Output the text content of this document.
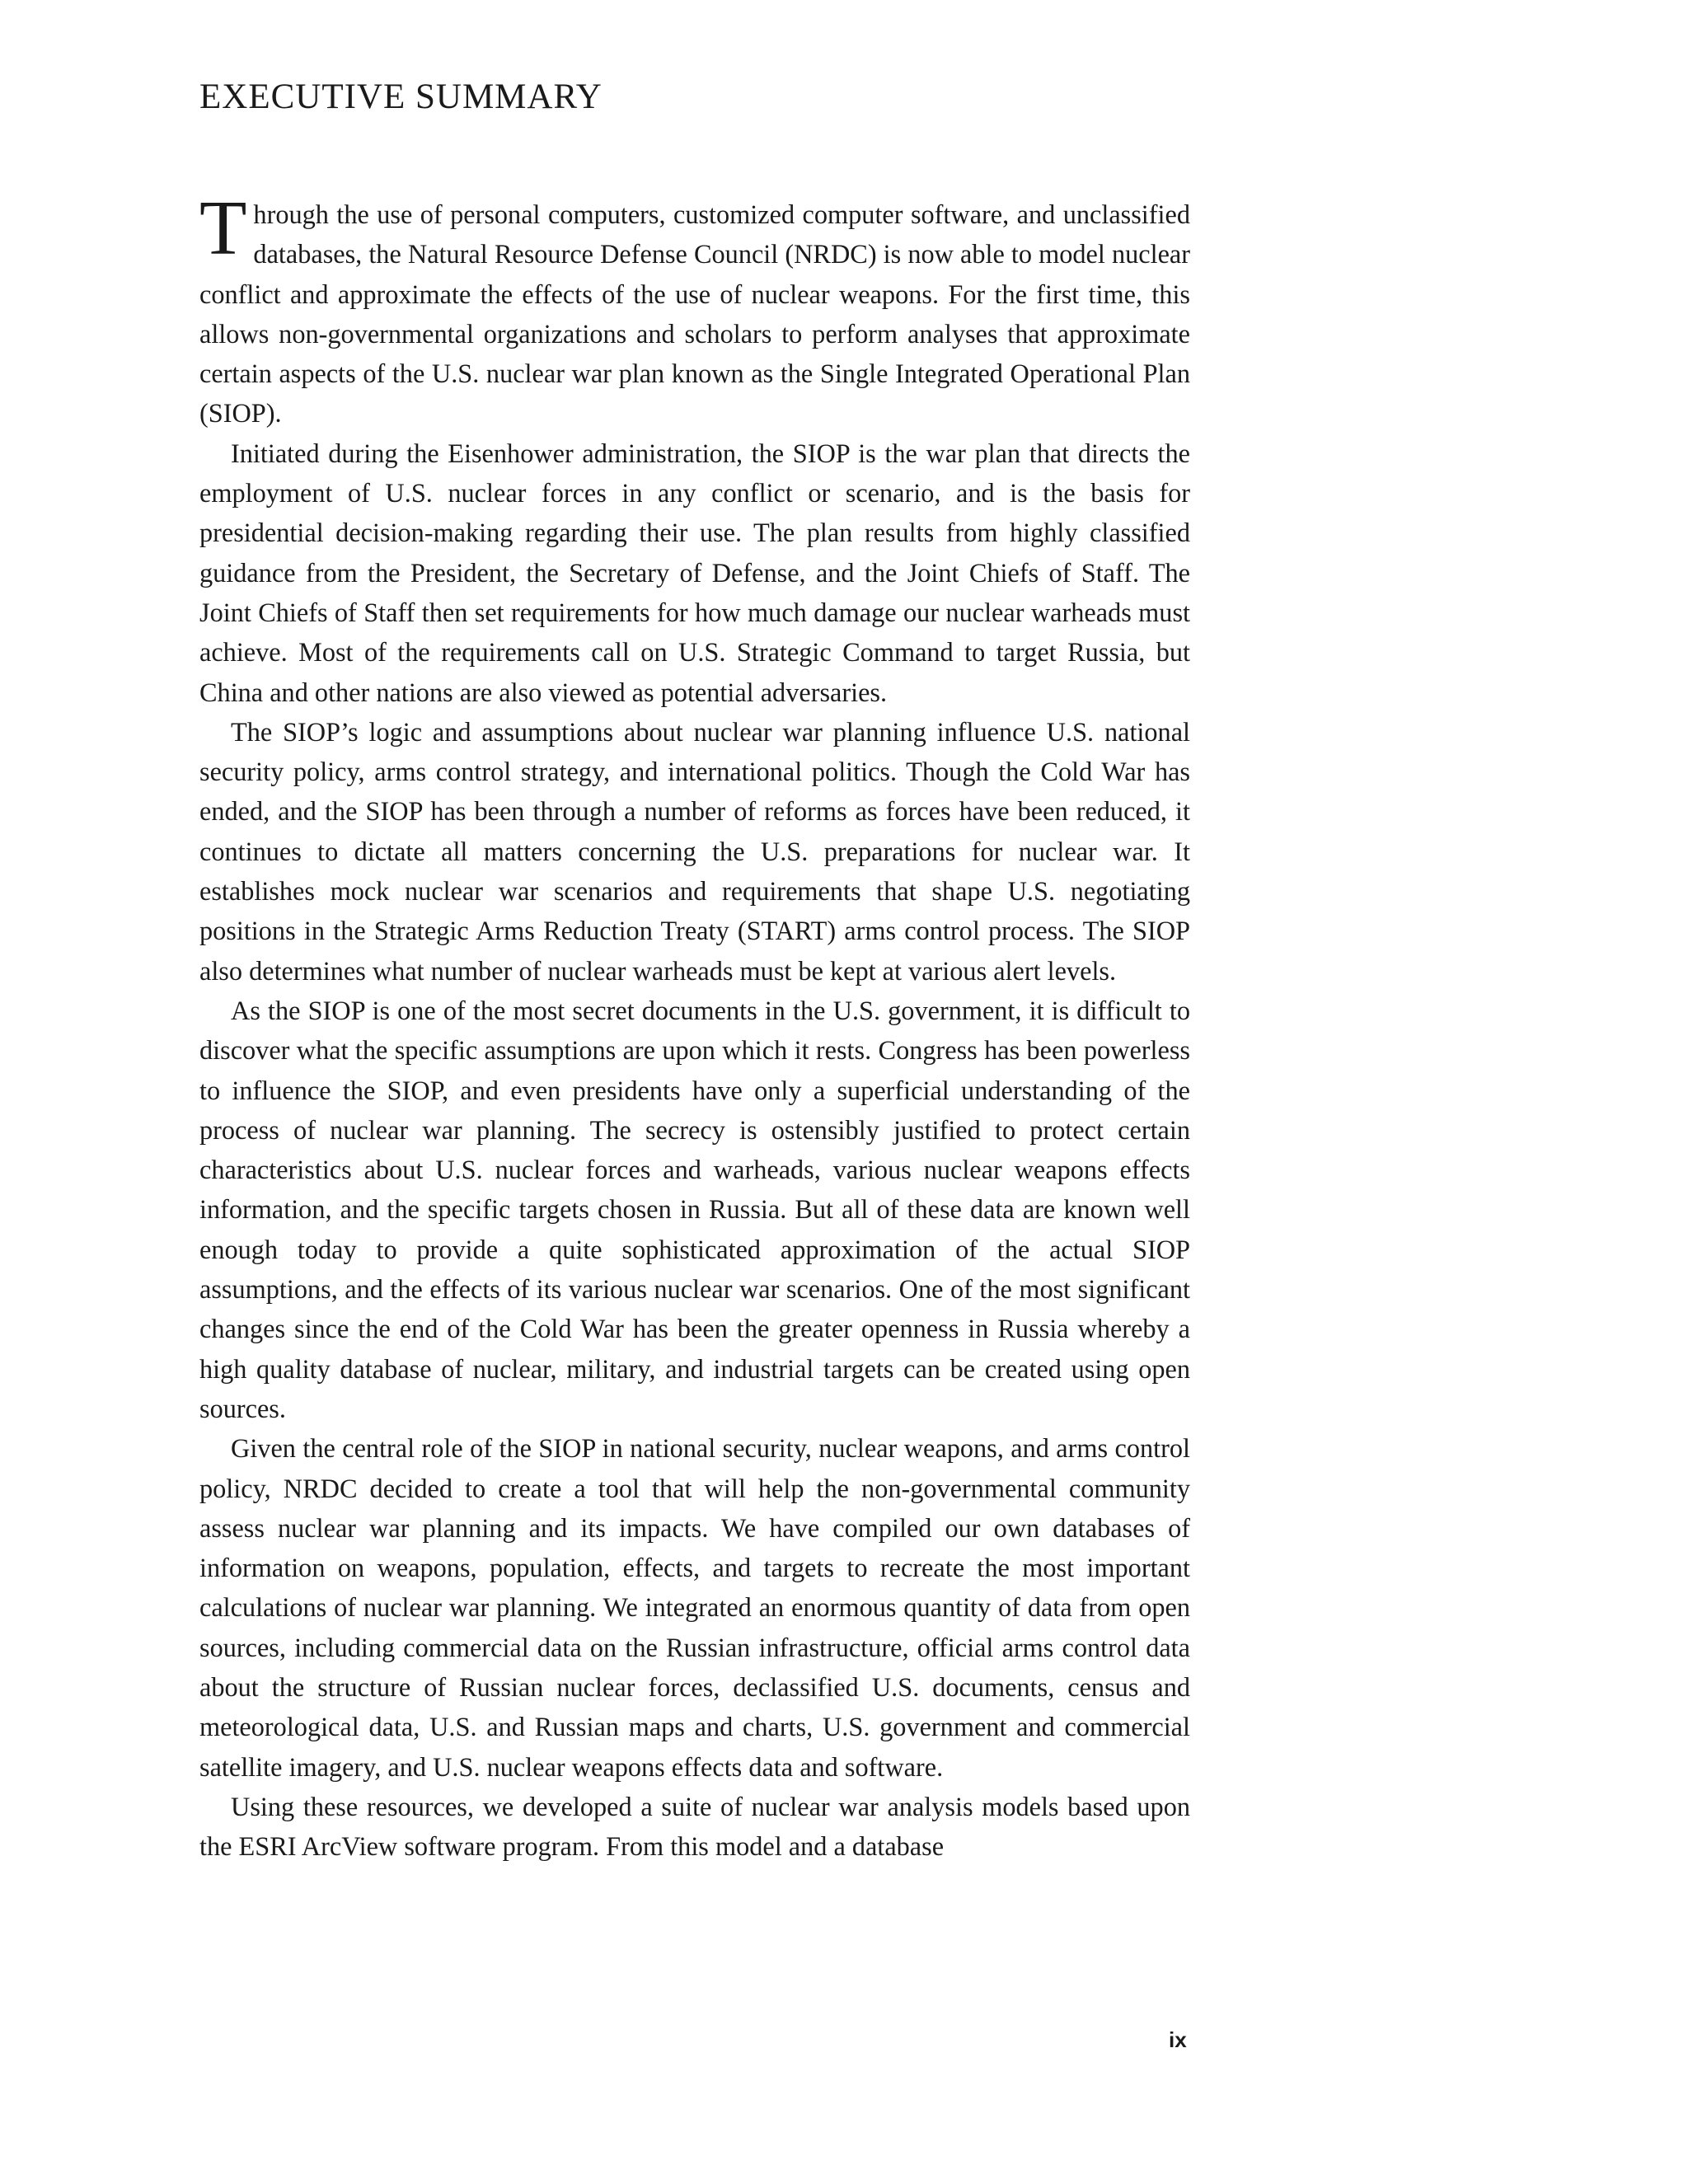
EXECUTIVE SUMMARY

Through the use of personal computers, customized computer software, and unclassified databases, the Natural Resource Defense Council (NRDC) is now able to model nuclear conflict and approximate the effects of the use of nuclear weapons. For the first time, this allows non-governmental organizations and scholars to perform analyses that approximate certain aspects of the U.S. nuclear war plan known as the Single Integrated Operational Plan (SIOP).

Initiated during the Eisenhower administration, the SIOP is the war plan that directs the employment of U.S. nuclear forces in any conflict or scenario, and is the basis for presidential decision-making regarding their use. The plan results from highly classified guidance from the President, the Secretary of Defense, and the Joint Chiefs of Staff. The Joint Chiefs of Staff then set requirements for how much damage our nuclear warheads must achieve. Most of the requirements call on U.S. Strategic Command to target Russia, but China and other nations are also viewed as potential adversaries.

The SIOP’s logic and assumptions about nuclear war planning influence U.S. national security policy, arms control strategy, and international politics. Though the Cold War has ended, and the SIOP has been through a number of reforms as forces have been reduced, it continues to dictate all matters concerning the U.S. preparations for nuclear war. It establishes mock nuclear war scenarios and requirements that shape U.S. negotiating positions in the Strategic Arms Reduction Treaty (START) arms control process. The SIOP also determines what number of nuclear warheads must be kept at various alert levels.

As the SIOP is one of the most secret documents in the U.S. government, it is difficult to discover what the specific assumptions are upon which it rests. Congress has been powerless to influence the SIOP, and even presidents have only a superficial understanding of the process of nuclear war planning. The secrecy is ostensibly justified to protect certain characteristics about U.S. nuclear forces and warheads, various nuclear weapons effects information, and the specific targets chosen in Russia. But all of these data are known well enough today to provide a quite sophisticated approximation of the actual SIOP assumptions, and the effects of its various nuclear war scenarios. One of the most significant changes since the end of the Cold War has been the greater openness in Russia whereby a high quality database of nuclear, military, and industrial targets can be created using open sources.

Given the central role of the SIOP in national security, nuclear weapons, and arms control policy, NRDC decided to create a tool that will help the non-governmental community assess nuclear war planning and its impacts. We have compiled our own databases of information on weapons, population, effects, and targets to recreate the most important calculations of nuclear war planning. We integrated an enormous quantity of data from open sources, including commercial data on the Russian infrastructure, official arms control data about the structure of Russian nuclear forces, declassified U.S. documents, census and meteorological data, U.S. and Russian maps and charts, U.S. government and commercial satellite imagery, and U.S. nuclear weapons effects data and software.

Using these resources, we developed a suite of nuclear war analysis models based upon the ESRI ArcView software program. From this model and a database

ix
